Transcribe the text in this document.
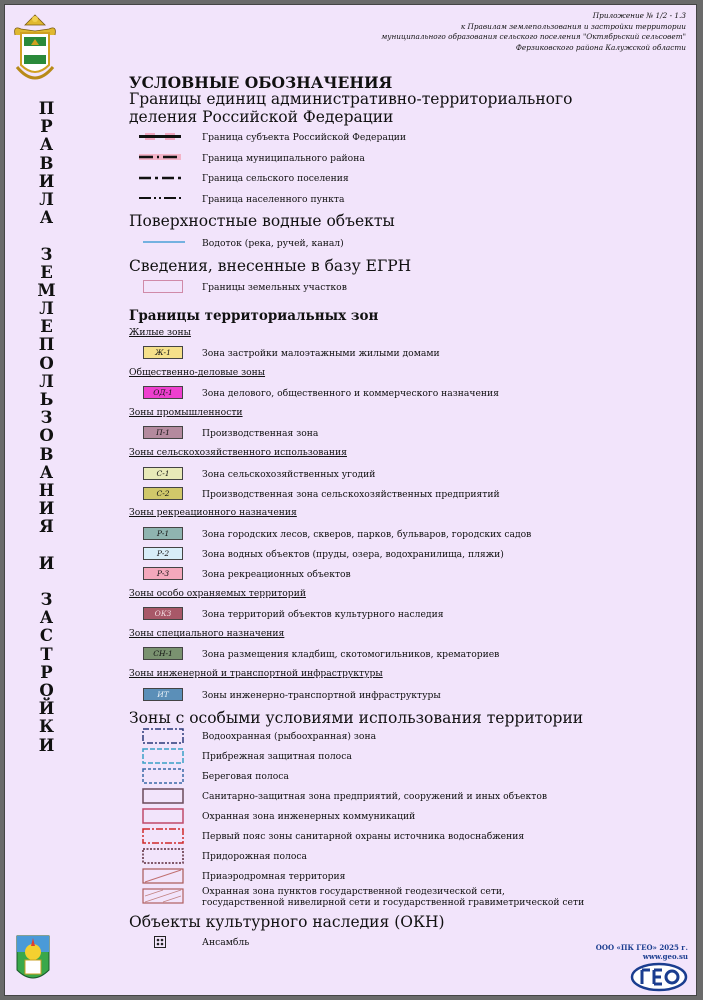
Приложение № 1/2 - 1.3
к Правилам землепользования и застройки территории
муниципального образования сельского поселения "Октябрьский сельсовет"
Ферзиковского района Калужской области
П
Р
А
В
И
Л
А
З
Е
М
Л
Е
П
О
Л
Ь
З
О
В
А
Н
И
Я
И
З
А
С
Т
Р
О
Й
К
И
УСЛОВНЫЕ ОБОЗНАЧЕНИЯ
Границы единиц административно-территориального
деления Российской Федерации
Граница субъекта Российской Федерации
Граница муниципального района
Граница сельского поселения
Граница населенного пункта
Поверхностные водные объекты
Водоток (река, ручей, канал)
Сведения, внесенные в базу ЕГРН
Границы земельных участков
Границы территориальных зон
Жилые зоны
Ж-1	Зона застройки малоэтажными жилыми домами
Общественно-деловые зоны
ОД-1	Зона делового, общественного и коммерческого назначения
Зоны промышленности
П-1	Производственная зона
Зоны сельскохозяйственного использования
С-1	Зона сельскохозяйственных угодий
С-2	Производственная зона сельскохозяйственных предприятий
Зоны рекреационного назначения
Р-1	Зона городских лесов, скверов, парков, бульваров, городских садов
Р-2	Зона водных объектов (пруды, озера, водохранилища, пляжи)
Р-3	Зона рекреационных объектов
Зоны особо охраняемых территорий
ОКЗ	Зона территорий объектов культурного наследия
Зоны специального назначения
СН-1	Зона размещения кладбищ, скотомогильников, крематориев
Зоны инженерной и транспортной инфраструктуры
ИТ	Зоны инженерно-транспортной инфраструктуры
Зоны с особыми условиями использования территории
Водоохранная (рыбоохранная) зона
Прибрежная защитная полоса
Береговая полоса
Санитарно-защитная зона предприятий, сооружений и иных объектов
Охранная зона инженерных коммуникаций
Первый пояс зоны санитарной охраны источника водоснабжения
Придорожная полоса
Приаэродромная территория
Охранная зона пунктов государственной геодезической сети,
государственной нивелирной сети и государственной гравиметрической сети
Объекты культурного наследия (ОКН)
Ансамбль	ООО «ПК ГЕО» 2025 г.
www.geo.su
